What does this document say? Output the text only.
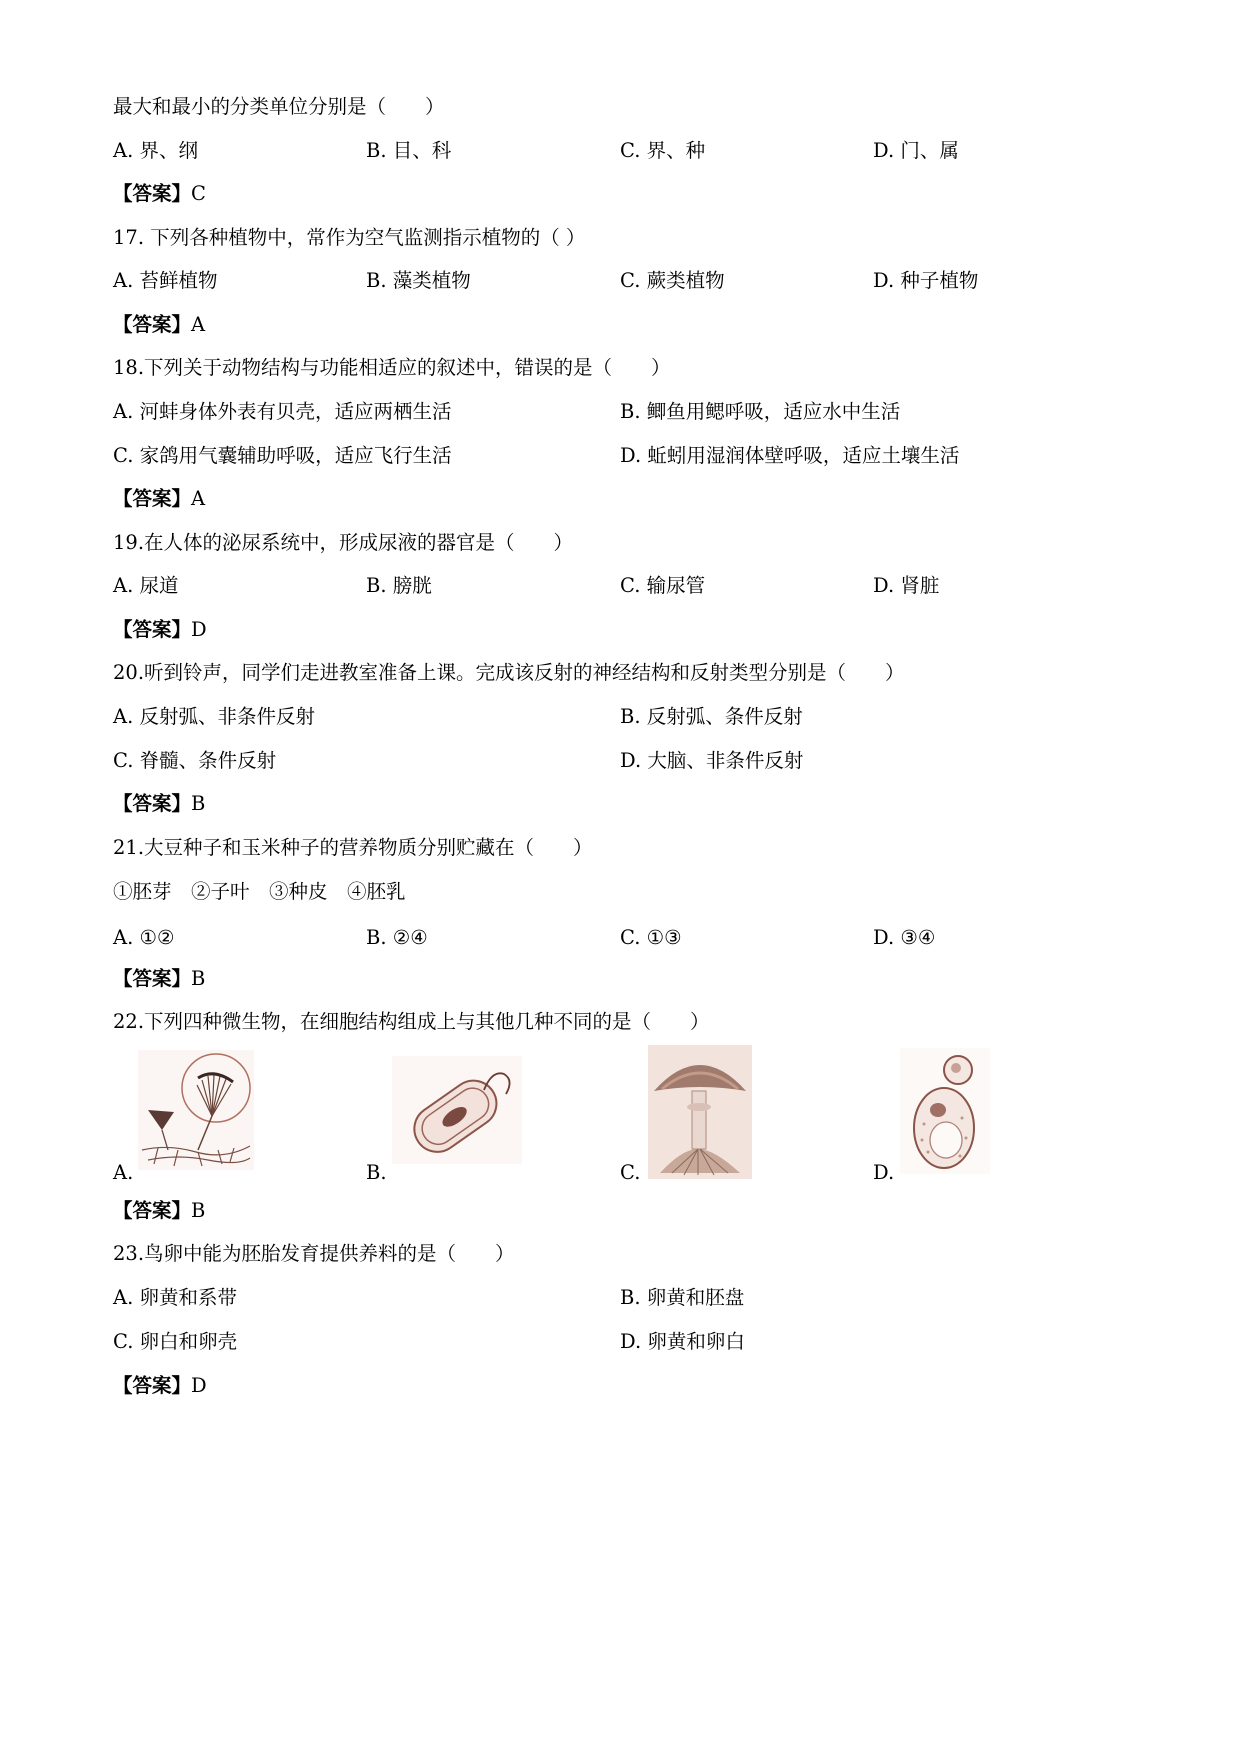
最大和最小的分类单位分别是（　　）
A. 界、纲	B. 目、科	C. 界、种	D. 门、属
【答案】C
17. 下列各种植物中，常作为空气监测指示植物的（ ）
A. 苔鲜植物	B. 藻类植物	C. 蕨类植物	D. 种子植物
【答案】A
18.下列关于动物结构与功能相适应的叙述中，错误的是（　　）
A. 河蚌身体外表有贝壳，适应两栖生活	B. 鲫鱼用鳃呼吸，适应水中生活
C. 家鸽用气囊辅助呼吸，适应飞行生活	D. 蚯蚓用湿润体壁呼吸，适应土壤生活
【答案】A
19.在人体的泌尿系统中，形成尿液的器官是（　　）
A. 尿道	B. 膀胱	C. 输尿管	D. 肾脏
【答案】D
20.听到铃声，同学们走进教室准备上课。完成该反射的神经结构和反射类型分别是（　　）
A. 反射弧、非条件反射	B. 反射弧、条件反射
C. 脊髓、条件反射	D. 大脑、非条件反射
【答案】B
21.大豆种子和玉米种子的营养物质分别贮藏在（　　）
①胚芽　②子叶　③种皮　④胚乳
A. ①②	B. ②④	C. ①③	D. ③④
【答案】B
22.下列四种微生物，在细胞结构组成上与其他几种不同的是（　　）
A.	B.	C.	D.
【答案】B
23.鸟卵中能为胚胎发育提供养料的是（　　）
A. 卵黄和系带	B. 卵黄和胚盘
C. 卵白和卵壳	D. 卵黄和卵白
【答案】D
